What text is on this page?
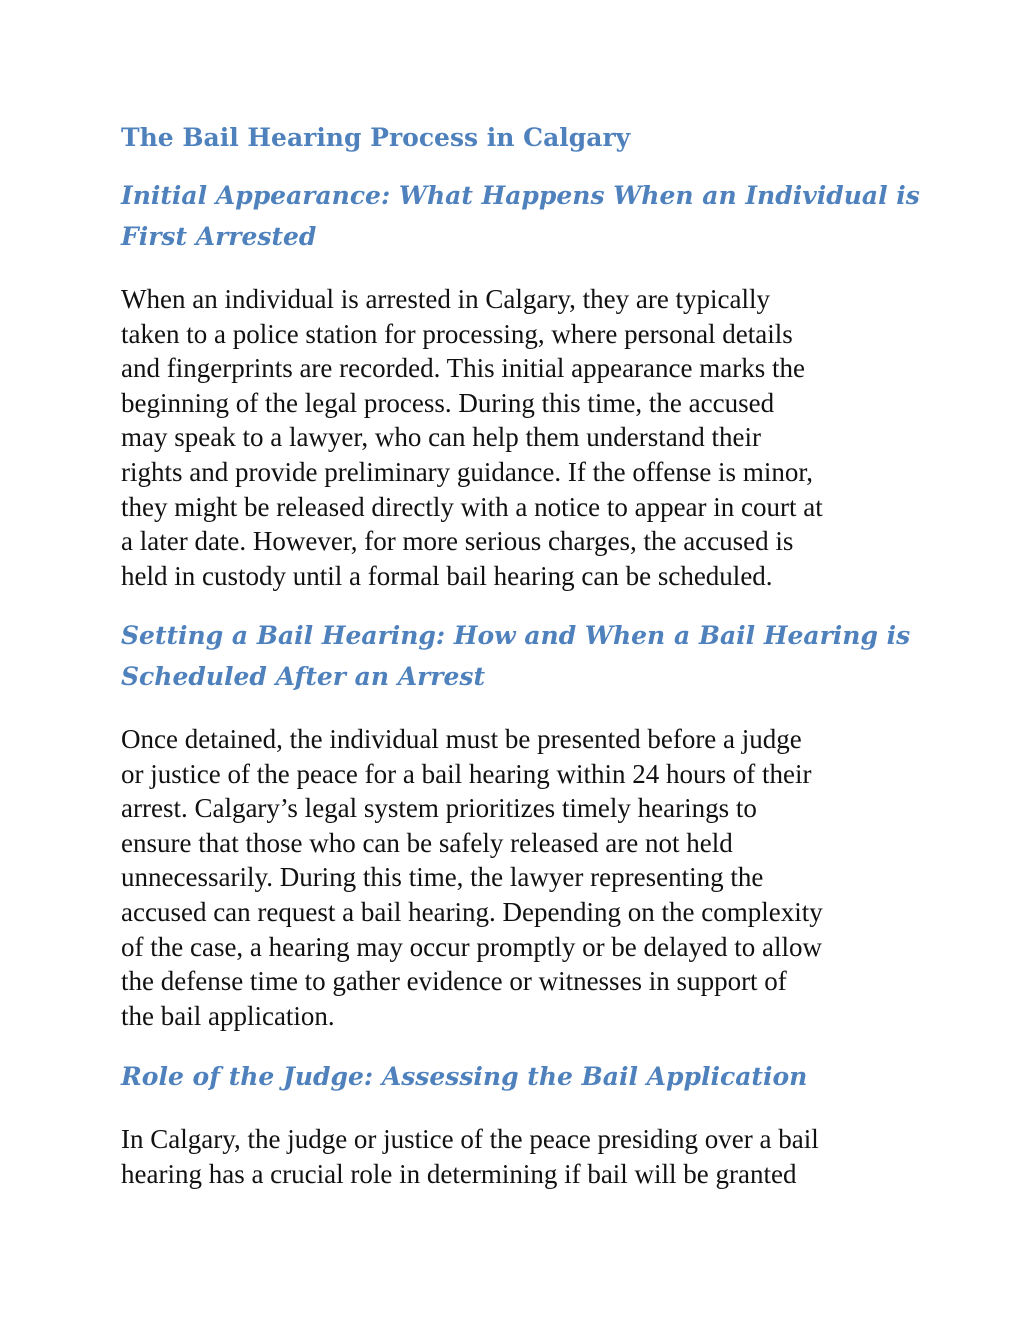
The Bail Hearing Process in Calgary
Initial Appearance: What Happens When an Individual is
First Arrested

When an individual is arrested in Calgary, they are typically
taken to a police station for processing, where personal details
and fingerprints are recorded. This initial appearance marks the
beginning of the legal process. During this time, the accused
may speak to a lawyer, who can help them understand their
rights and provide preliminary guidance. If the offense is minor,
they might be released directly with a notice to appear in court at
a later date. However, for more serious charges, the accused is
held in custody until a formal bail hearing can be scheduled.

Setting a Bail Hearing: How and When a Bail Hearing is
Scheduled After an Arrest

Once detained, the individual must be presented before a judge
or justice of the peace for a bail hearing within 24 hours of their
arrest. Calgary’s legal system prioritizes timely hearings to
ensure that those who can be safely released are not held
unnecessarily. During this time, the lawyer representing the
accused can request a bail hearing. Depending on the complexity
of the case, a hearing may occur promptly or be delayed to allow
the defense time to gather evidence or witnesses in support of
the bail application.

Role of the Judge: Assessing the Bail Application

In Calgary, the judge or justice of the peace presiding over a bail
hearing has a crucial role in determining if bail will be granted
